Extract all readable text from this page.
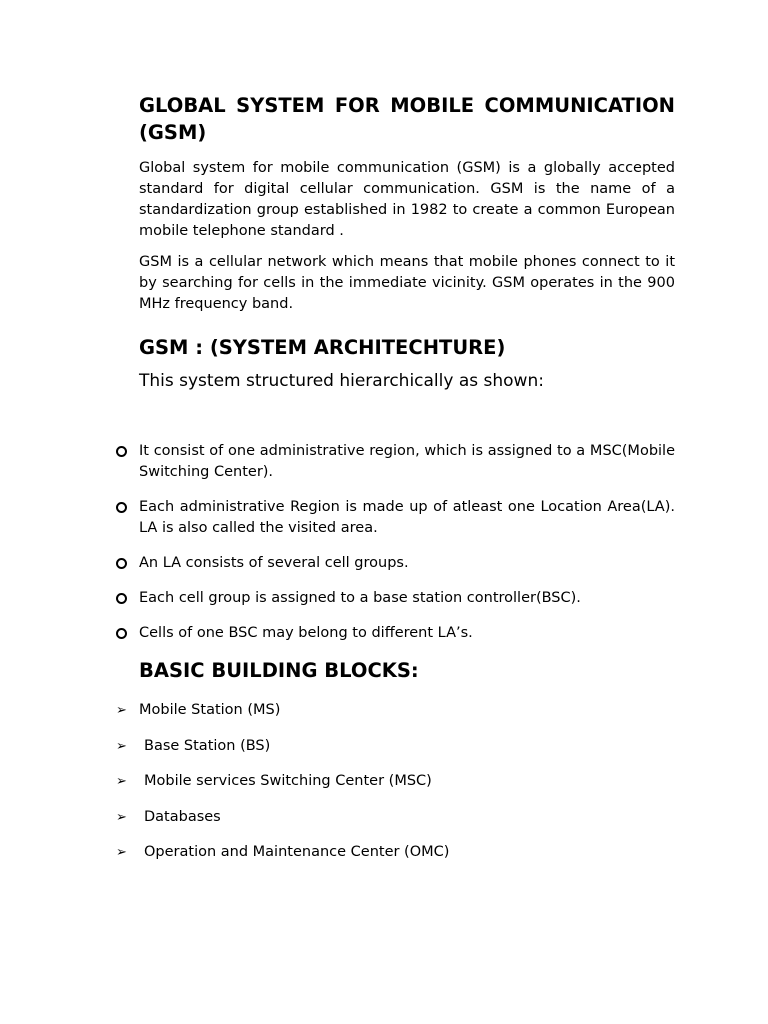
GLOBAL SYSTEM FOR MOBILE COMMUNICATION (GSM)

Global system for mobile communication (GSM) is a globally accepted standard for digital cellular communication. GSM is the name of a standardization group established in 1982 to create a common European mobile telephone standard .

GSM is a cellular network which means that mobile phones connect to it by searching for cells in the immediate vicinity. GSM operates in the 900 MHz frequency band.

GSM : (SYSTEM ARCHITECHTURE)

This system structured hierarchically as shown:

It consist of one administrative region, which is assigned to a MSC(Mobile Switching Center).
Each administrative Region is made up of atleast one Location Area(LA). LA is also called the visited area.
An LA consists of several cell groups.
Each cell group is assigned to a base station controller(BSC).
Cells of one BSC may belong to different LA’s.
BASIC BUILDING BLOCKS:
➢ Mobile Station (MS)
➢ Base Station (BS)
➢ Mobile services Switching Center (MSC)
➢ Databases
➢ Operation and Maintenance Center (OMC)
